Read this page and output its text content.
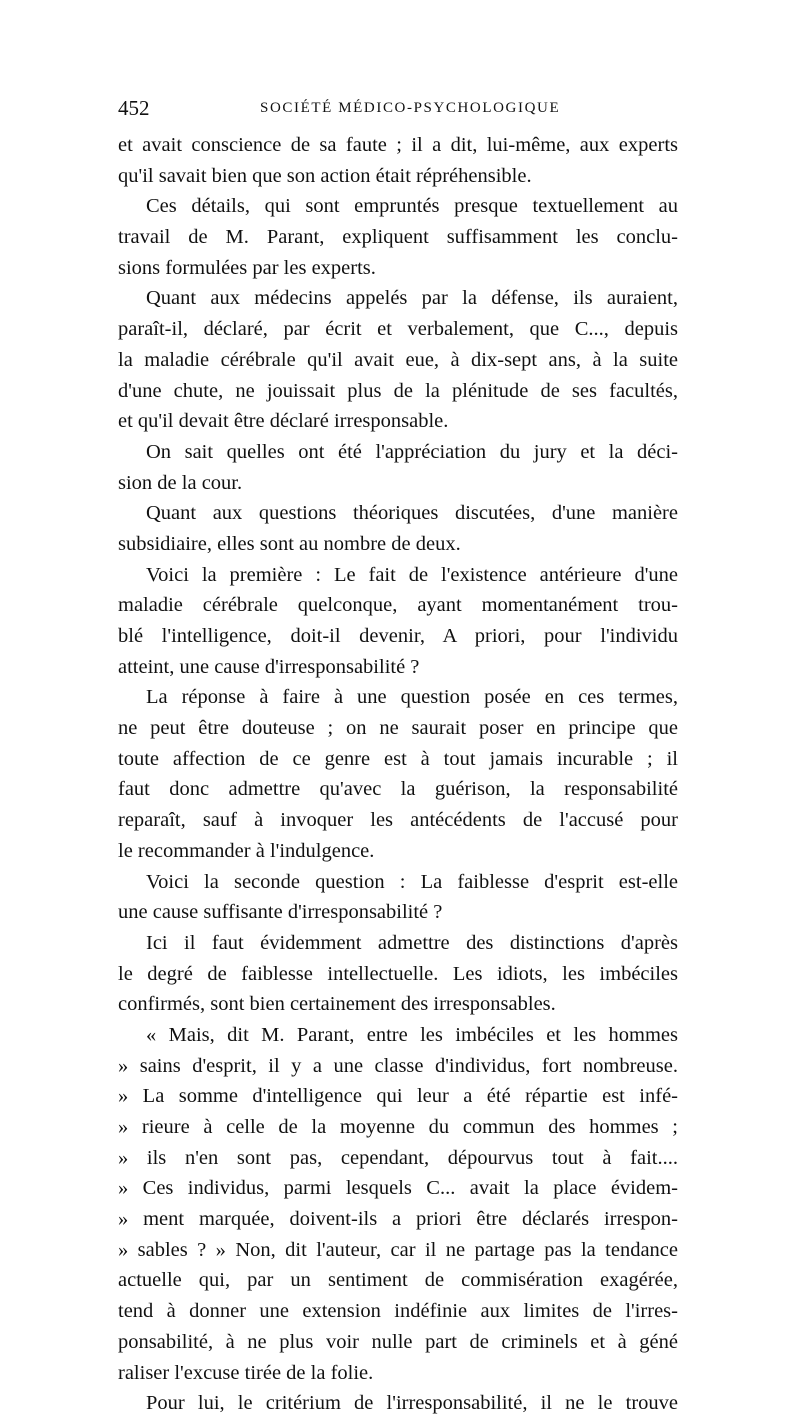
452	SOCIÉTÉ MÉDICO-PSYCHOLOGIQUE
et avait conscience de sa faute ; il a dit, lui-même, aux experts
qu'il savait bien que son action était répréhensible.
Ces détails, qui sont empruntés presque textuellement au
travail de M. Parant, expliquent suffisamment les conclu-
sions formulées par les experts.
Quant aux médecins appelés par la défense, ils auraient,
paraît-il, déclaré, par écrit et verbalement, que C..., depuis
la maladie cérébrale qu'il avait eue, à dix-sept ans, à la suite
d'une chute, ne jouissait plus de la plénitude de ses facultés,
et qu'il devait être déclaré irresponsable.
On sait quelles ont été l'appréciation du jury et la déci-
sion de la cour.
Quant aux questions théoriques discutées, d'une manière
subsidiaire, elles sont au nombre de deux.
Voici la première : Le fait de l'existence antérieure d'une
maladie cérébrale quelconque, ayant momentanément trou-
blé l'intelligence, doit-il devenir, A priori, pour l'individu
atteint, une cause d'irresponsabilité ?
La réponse à faire à une question posée en ces termes,
ne peut être douteuse ; on ne saurait poser en principe que
toute affection de ce genre est à tout jamais incurable ; il
faut donc admettre qu'avec la guérison, la responsabilité
reparaît, sauf à invoquer les antécédents de l'accusé pour
le recommander à l'indulgence.
Voici la seconde question : La faiblesse d'esprit est-elle
une cause suffisante d'irresponsabilité ?
Ici il faut évidemment admettre des distinctions d'après
le degré de faiblesse intellectuelle. Les idiots, les imbéciles
confirmés, sont bien certainement des irresponsables.
« Mais, dit M. Parant, entre les imbéciles et les hommes
» sains d'esprit, il y a une classe d'individus, fort nombreuse.
» La somme d'intelligence qui leur a été répartie est infé-
» rieure à celle de la moyenne du commun des hommes ;
» ils n'en sont pas, cependant, dépourvus tout à fait....
» Ces individus, parmi lesquels C... avait la place évidem-
» ment marquée, doivent-ils a priori être déclarés irrespon-
» sables ? » Non, dit l'auteur, car il ne partage pas la tendance
actuelle qui, par un sentiment de commisération exagérée,
tend à donner une extension indéfinie aux limites de l'irres-
ponsabilité, à ne plus voir nulle part de criminels et à géné
raliser l'excuse tirée de la folie.
Pour lui, le critérium de l'irresponsabilité, il ne le trouve
